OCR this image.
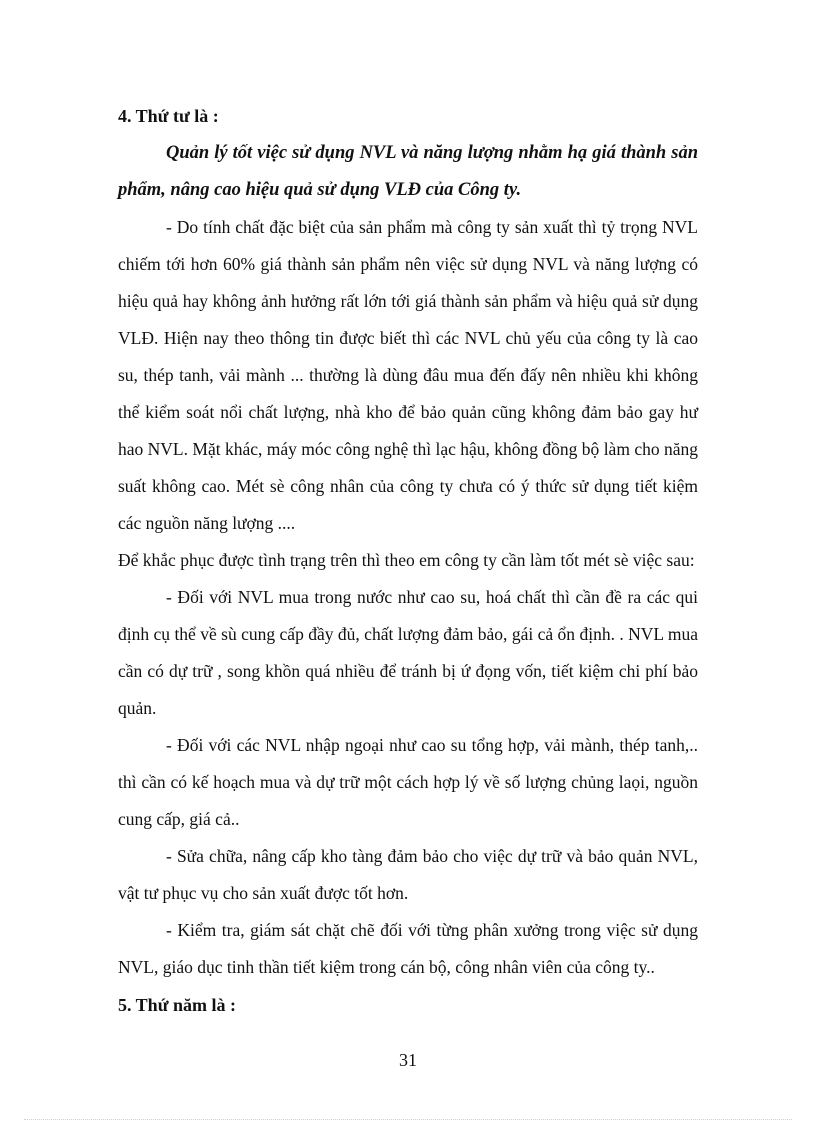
4. Thứ tư là :

Quản lý tốt việc sử dụng NVL và năng lượng nhằm hạ giá thành sản phẩm, nâng cao hiệu quả sử dụng VLĐ của Công ty.

- Do tính chất đặc biệt của sản phẩm mà công ty sản xuất thì tỷ trọng NVL chiếm tới hơn 60% giá thành sản phẩm nên việc sử dụng NVL và năng lượng có hiệu quả hay không ảnh hưởng rất lớn tới giá thành sản phẩm và hiệu quả sử dụng VLĐ. Hiện nay theo thông tin được biết thì các NVL chủ yếu của công ty là cao su, thép tanh, vải mành ... thường là dùng đâu mua đến đấy nên nhiều khi không thể kiểm soát nổi chất lượng, nhà kho để bảo quản cũng không đảm bảo gay hư hao NVL. Mặt khác, máy móc công nghệ thì lạc hậu, không đồng bộ làm cho năng suất không cao. Mét sè công nhân của công ty chưa có ý thức sử dụng tiết kiệm các nguồn năng lượng ....

Để khắc phục được tình trạng trên thì theo em công ty cần làm tốt mét sè việc sau:

- Đối với NVL mua trong nước như cao su, hoá chất thì cần đề ra các qui định cụ thể về sù cung cấp đầy đủ, chất lượng đảm bảo, gái cả ổn định. . NVL mua cần có dự trữ , song khồn quá nhiều để tránh bị ứ đọng vốn, tiết kiệm chi phí bảo quản.

- Đối với các NVL nhập ngoại như cao su tổng hợp, vải mành, thép tanh,.. thì cần có kế hoạch mua và dự trữ một cách hợp lý về số lượng chủng laọi, nguồn cung cấp, giá cả..

- Sửa chữa, nâng cấp kho tàng đảm bảo cho việc dự trữ và bảo quản NVL, vật tư phục vụ cho sản xuất được tốt hơn.

- Kiểm tra, giám sát chặt chẽ đối với từng phân xưởng trong việc sử dụng NVL, giáo dục tinh thần tiết kiệm trong cán bộ, công nhân viên của công ty..

5. Thứ năm là :

31
